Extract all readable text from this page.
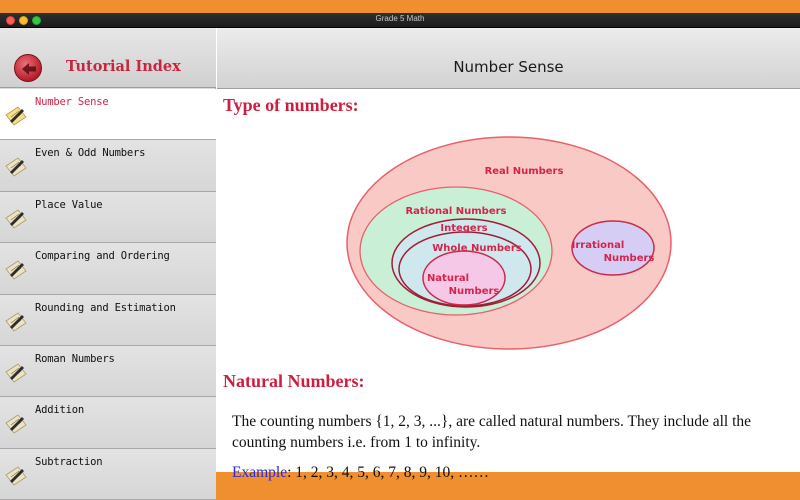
Grade 5 Math
Tutorial Index
Number Sense
Even & Odd Numbers
Place Value
Comparing and Ordering
Rounding and Estimation
Roman Numbers
Addition
Subtraction
Number Sense
Type of numbers:
Real Numbers
Rational Numbers
Integers
Whole Numbers
Natural
Numbers
Irrational
Numbers
Natural Numbers:

The counting numbers {1, 2, 3, ...}, are called natural numbers. They include all the counting numbers i.e. from 1 to infinity.

Example: 1, 2, 3, 4, 5, 6, 7, 8, 9, 10, ……
